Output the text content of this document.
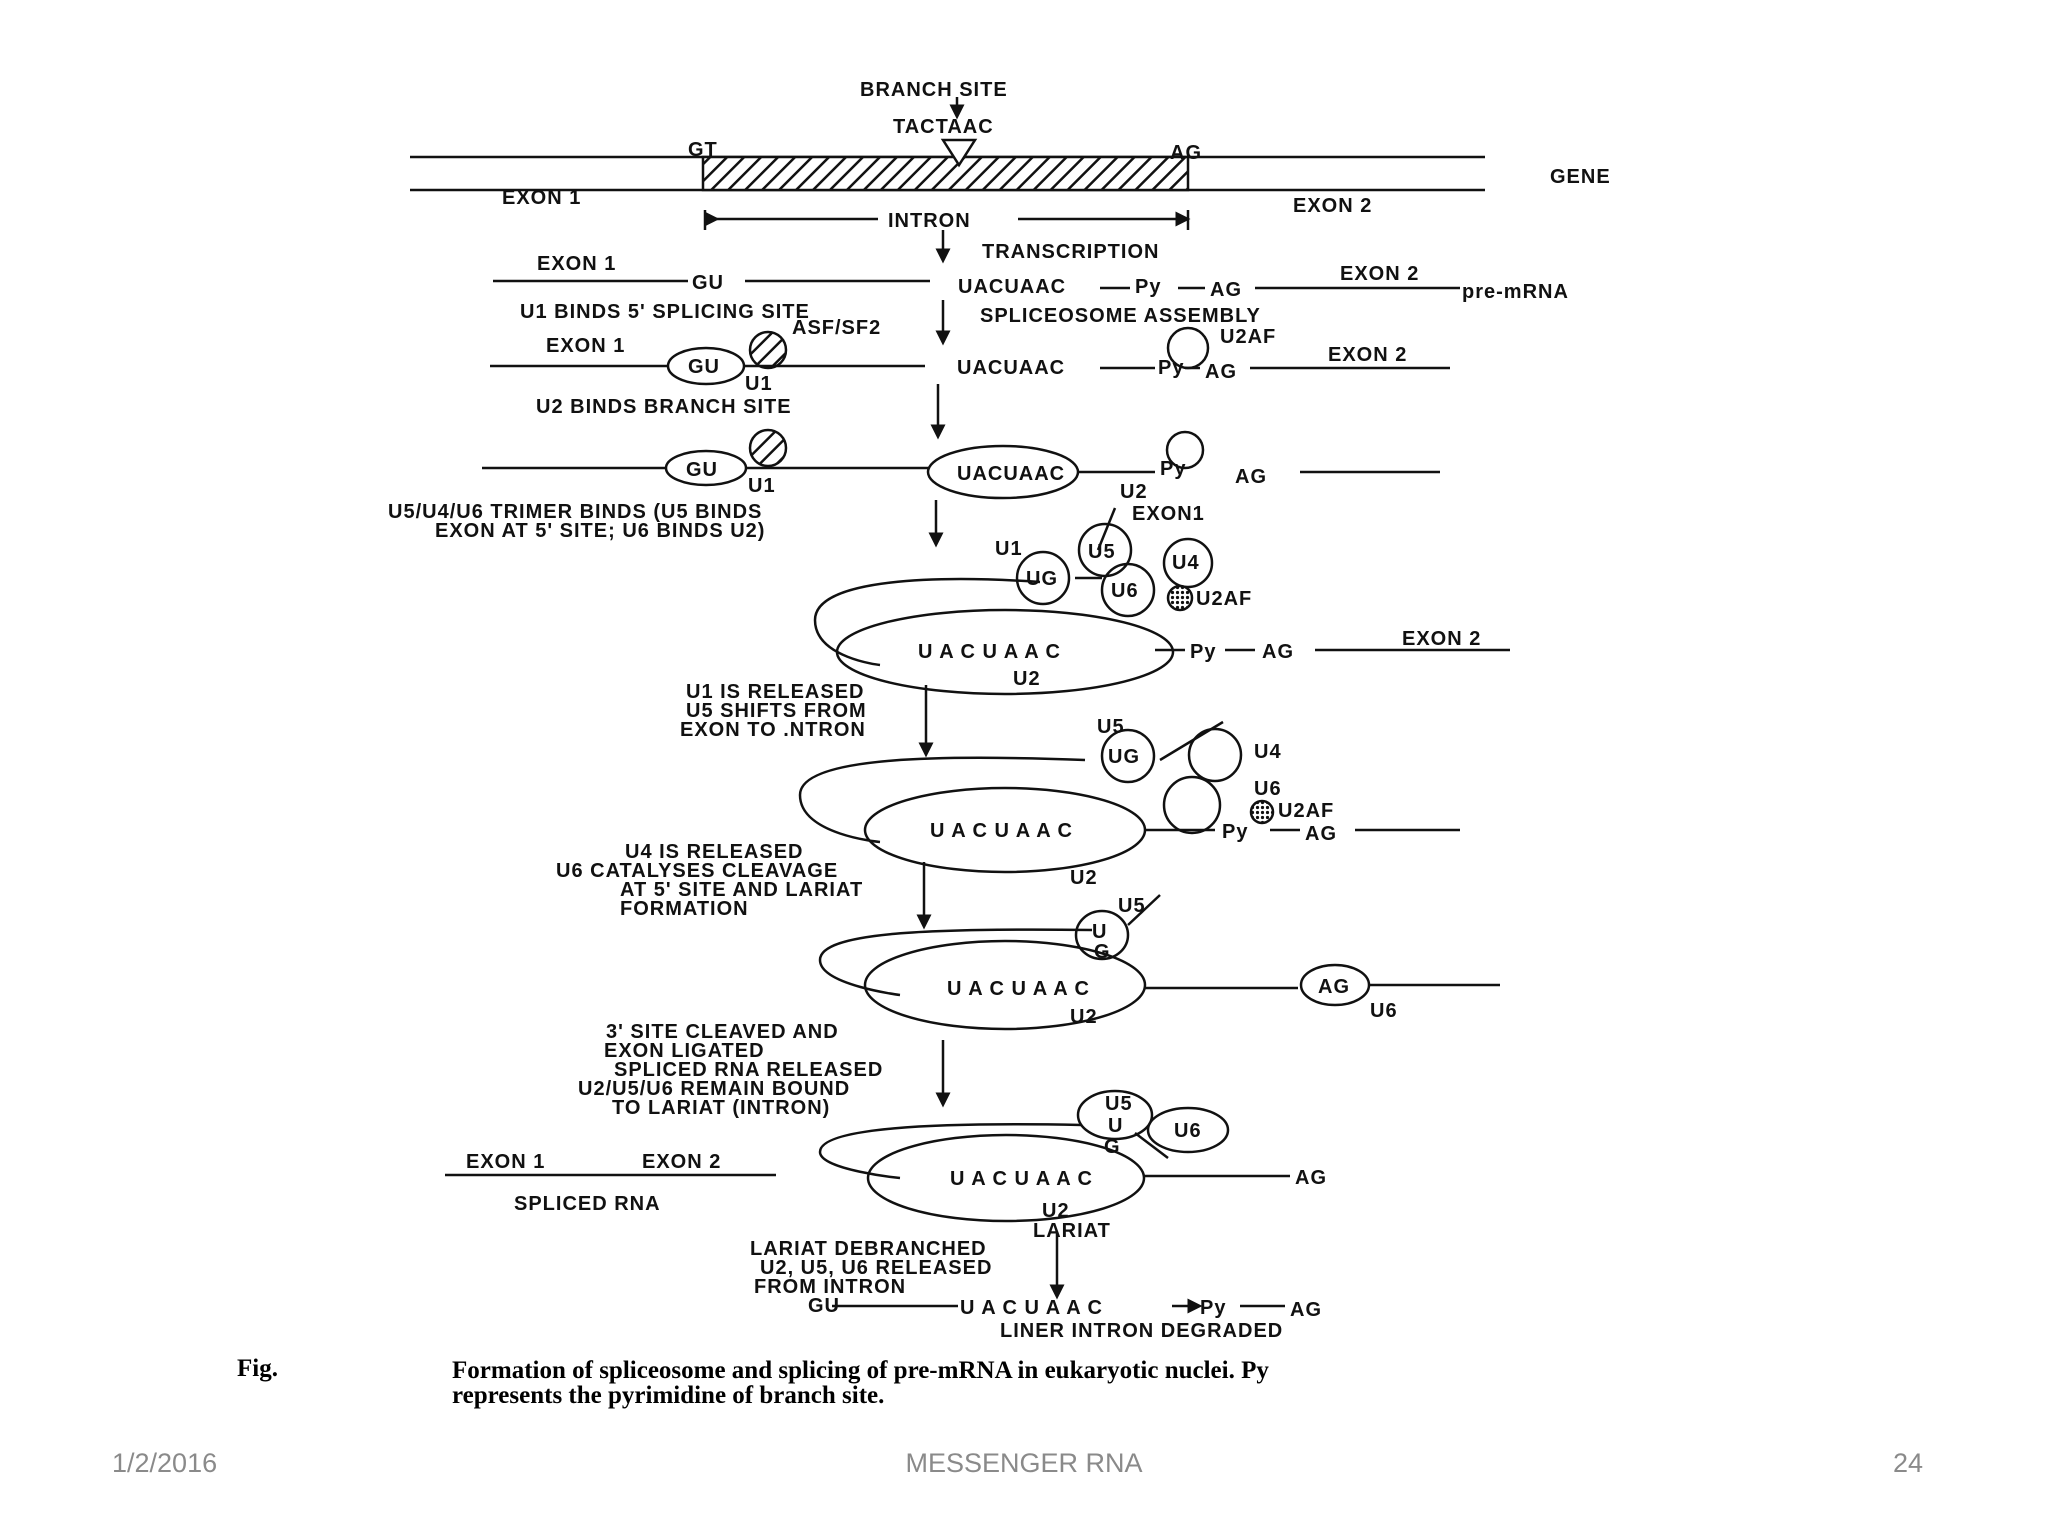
BRANCH SITE
TACTAAC
GT	AG
GENE
EXON 1	EXON 2
INTRON
TRANSCRIPTION
EXON 1
GU	UACUAAC	Py AG
EXON 2
pre-mRNA
U1 BINDS 5' SPLICING SITE
ASF/SF2
SPLICEOSOME ASSEMBLY
EXON 1
GU
U1
U2AF
UACUAAC	Py AG
EXON 2
U2 BINDS BRANCH SITE
GU
U1
UACUAAC	Py AG
U2
U5/U4/U6 TRIMER BINDS (U5 BINDS
EXON AT 5' SITE; U6 BINDS U2)
EXON1
U1	U5	U4
UG
U6	U2AF
U A C U A A C	Py AG
EXON 2
U2
U1 IS RELEASED
U5 SHIFTS FROM
EXON TO .NTRON	U5
UG	U4
U6
U2AF
U A C U A A C	Py	AG
U2
U4 IS RELEASED
U6 CATALYSES CLEAVAGE
AT 5' SITE AND LARIAT
FORMATION	U5
U
G
U A C U A A C	AG
U6
U2
3' SITE CLEAVED AND
EXON LIGATED
SPLICED RNA RELEASED
U2/U5/U6 REMAIN BOUND
TO LARIAT (INTRON)
EXON 1	EXON 2
SPLICED RNA
U5
U
G
U6
U A C U A A C	AG
U2
LARIAT
LARIAT DEBRANCHED
U2, U5, U6 RELEASED
FROM INTRON
GU	U A C U A A C	Py	AG
LINER INTRON DEGRADED
Fig.	Formation of spliceosome and splicing of pre-mRNA in eukaryotic nuclei. Py
represents the pyrimidine of branch site.
1/2/2016	MESSENGER RNA	24
